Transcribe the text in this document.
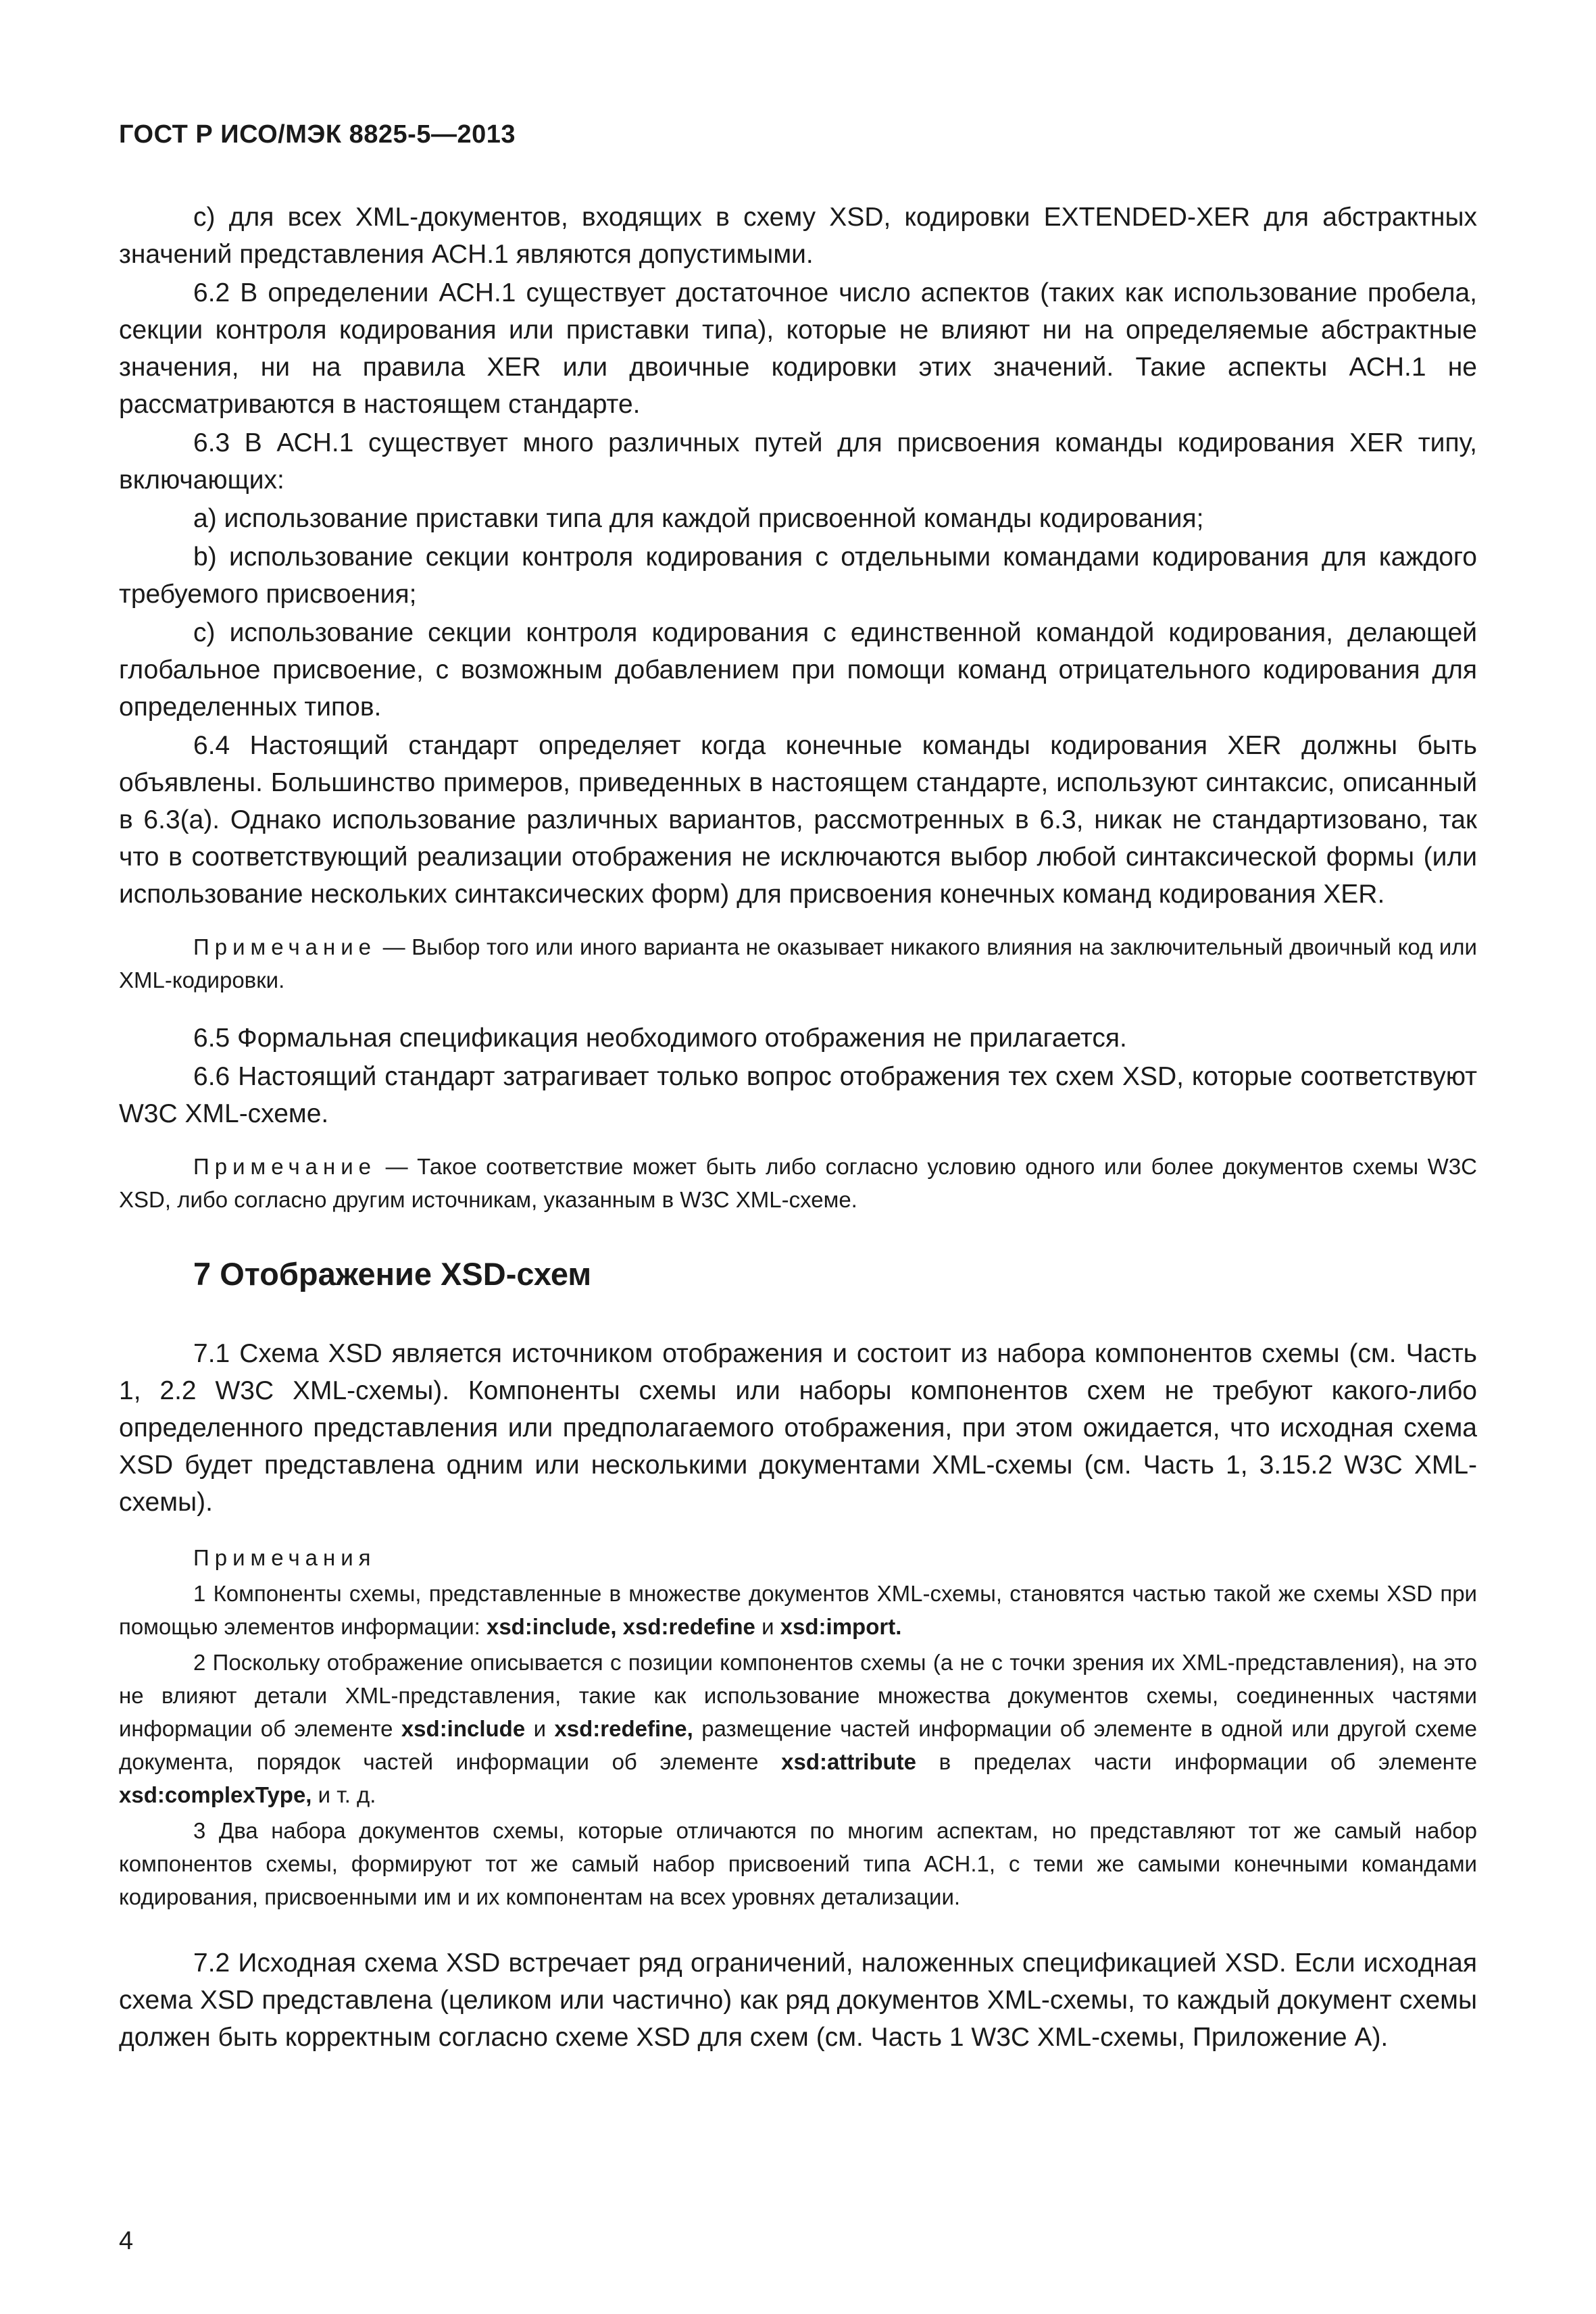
ГОСТ Р ИСО/МЭК 8825-5—2013

c) для всех XML-документов, входящих в схему XSD, кодировки EXTENDED-XER для абстрактных значений представления АСН.1 являются допустимыми.

6.2 В определении АСН.1 существует достаточное число аспектов (таких как использование пробела, секции контроля кодирования или приставки типа), которые не влияют ни на определяемые абстрактные значения, ни на правила XER или двоичные кодировки этих значений. Такие аспекты АСН.1 не рассматриваются в настоящем стандарте.

6.3 В АСН.1 существует много различных путей для присвоения команды кодирования XER типу, включающих:

a) использование приставки типа для каждой присвоенной команды кодирования;

b) использование секции контроля кодирования с отдельными командами кодирования для каждого требуемого присвоения;

c) использование секции контроля кодирования с единственной командой кодирования, делающей глобальное присвоение, с возможным добавлением при помощи команд отрицательного кодирования для определенных типов.

6.4 Настоящий стандарт определяет когда конечные команды кодирования XER должны быть объявлены. Большинство примеров, приведенных в настоящем стандарте, используют синтаксис, описанный в 6.3(а). Однако использование различных вариантов, рассмотренных в 6.3, никак не стандартизовано, так что в соответствующий реализации отображения не исключаются выбор любой синтаксической формы (или использование нескольких синтаксических форм) для присвоения конечных команд кодирования XER.

Примечание — Выбор того или иного варианта не оказывает никакого влияния на заключительный двоичный код или XML-кодировки.

6.5 Формальная спецификация необходимого отображения не прилагается.

6.6 Настоящий стандарт затрагивает только вопрос отображения тех схем XSD, которые соответствуют W3C XML-схеме.

Примечание — Такое соответствие может быть либо согласно условию одного или более документов схемы W3C XSD, либо согласно другим источникам, указанным в W3C XML-схеме.

7 Отображение XSD-схем

7.1 Схема XSD является источником отображения и состоит из набора компонентов схемы (см. Часть 1, 2.2 W3C XML-схемы). Компоненты схемы или наборы компонентов схем не требуют какого-либо определенного представления или предполагаемого отображения, при этом ожидается, что исходная схема XSD будет представлена одним или несколькими документами XML-схемы (см. Часть 1, 3.15.2 W3C XML-схемы).

Примечания

1 Компоненты схемы, представленные в множестве документов XML-схемы, становятся частью такой же схемы XSD при помощью элементов информации: xsd:include, xsd:redefine и xsd:import.

2 Поскольку отображение описывается с позиции компонентов схемы (а не с точки зрения их XML-представления), на это не влияют детали XML-представления, такие как использование множества документов схемы, соединенных частями информации об элементе xsd:include и xsd:redefine, размещение частей информации об элементе в одной или другой схеме документа, порядок частей информации об элементе xsd:attribute в пределах части информации об элементе xsd:complexType, и т. д.

3 Два набора документов схемы, которые отличаются по многим аспектам, но представляют тот же самый набор компонентов схемы, формируют тот же самый набор присвоений типа АСН.1, с теми же самыми конечными командами кодирования, присвоенными им и их компонентам на всех уровнях детализации.

7.2 Исходная схема XSD встречает ряд ограничений, наложенных спецификацией XSD. Если исходная схема XSD представлена (целиком или частично) как ряд документов XML-схемы, то каждый документ схемы должен быть корректным согласно схеме XSD для схем (см. Часть 1 W3C XML-схемы, Приложение А).

4
